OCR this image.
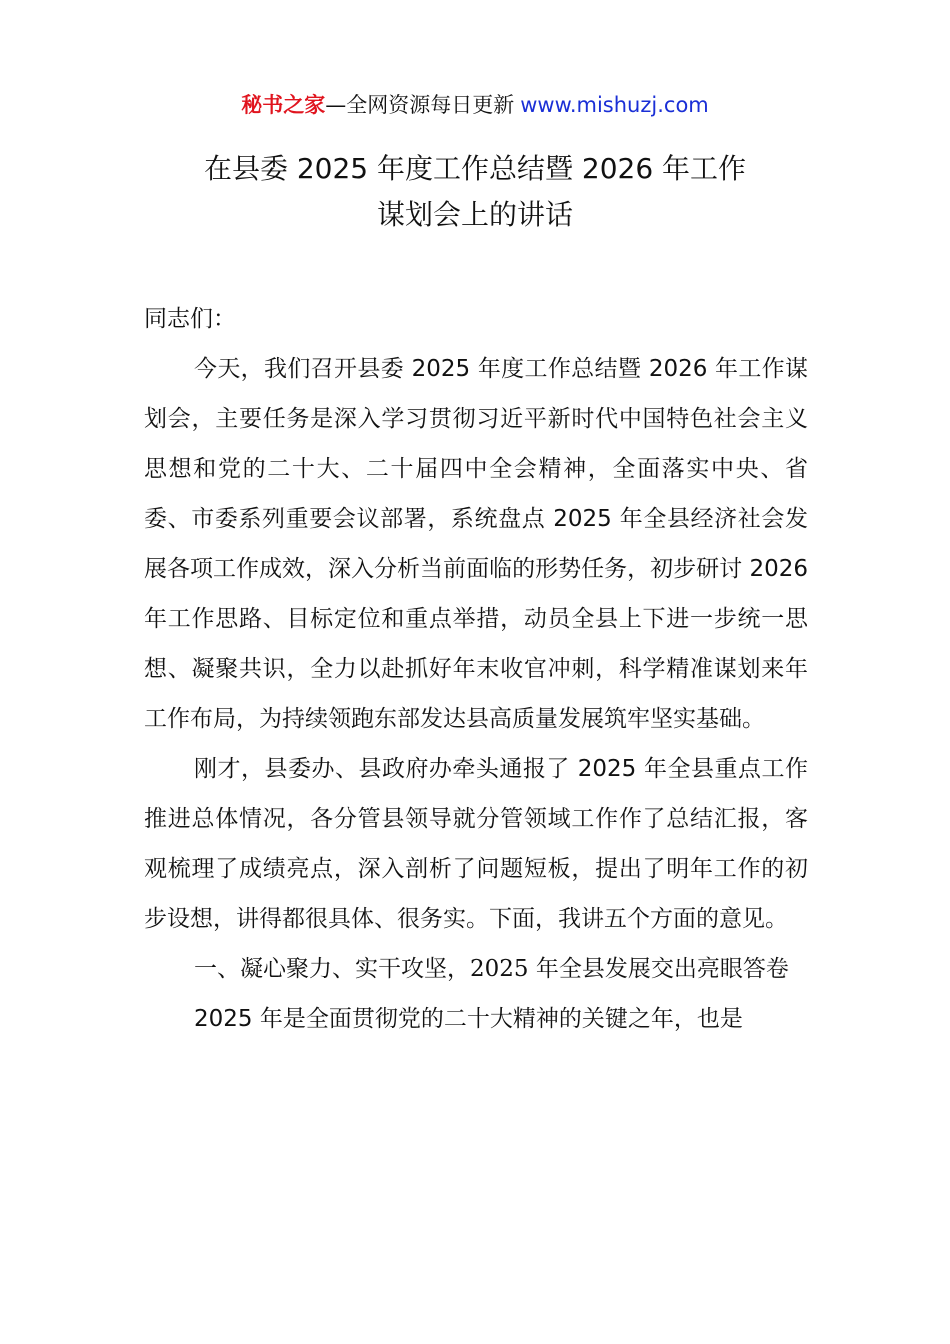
秘书之家—全网资源每日更新 www.mishuzj.com
在县委 2025 年度工作总结暨 2026 年工作
谋划会上的讲话

同志们：

今天，我们召开县委 2025 年度工作总结暨 2026 年工作谋划会，主要任务是深入学习贯彻习近平新时代中国特色社会主义思想和党的二十大、二十届四中全会精神，全面落实中央、省委、市委系列重要会议部署，系统盘点 2025 年全县经济社会发展各项工作成效，深入分析当前面临的形势任务，初步研讨 2026 年工作思路、目标定位和重点举措，动员全县上下进一步统一思想、凝聚共识，全力以赴抓好年末收官冲刺，科学精准谋划来年工作布局，为持续领跑东部发达县高质量发展筑牢坚实基础。

刚才，县委办、县政府办牵头通报了 2025 年全县重点工作推进总体情况，各分管县领导就分管领域工作作了总结汇报，客观梳理了成绩亮点，深入剖析了问题短板，提出了明年工作的初步设想，讲得都很具体、很务实。下面，我讲五个方面的意见。

一、凝心聚力、实干攻坚，2025 年全县发展交出亮眼答卷

2025 年是全面贯彻党的二十大精神的关键之年，也是
